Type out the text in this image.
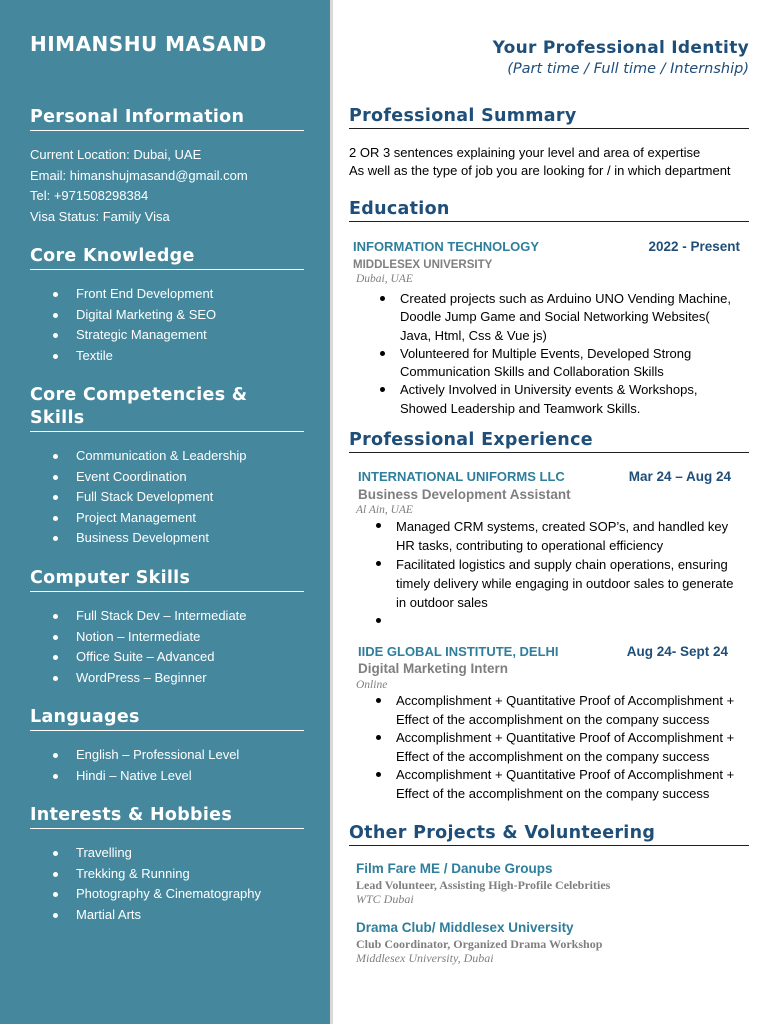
HIMANSHU MASAND
Personal Information
Current Location: Dubai, UAE
Email: himanshujmasand@gmail.com
Tel: +971508298384
Visa Status: Family Visa
Core Knowledge
Front End Development
Digital Marketing & SEO
Strategic Management
Textile
Core Competencies & Skills
Communication & Leadership
Event Coordination
Full Stack Development
Project Management
Business Development
Computer Skills
Full Stack Dev – Intermediate
Notion – Intermediate
Office Suite – Advanced
WordPress – Beginner
Languages
English – Professional Level
Hindi – Native Level
Interests & Hobbies
Travelling
Trekking & Running
Photography & Cinematography
Martial Arts
Your Professional Identity
(Part time / Full time / Internship)
Professional Summary
2 OR 3 sentences explaining your level and area of expertise
As well as the type of job you are looking for / in which department
Education
INFORMATION TECHNOLOGY	2022 - Present
MIDDLESEX UNIVERSITY
Dubai, UAE
Created projects such as Arduino UNO Vending Machine, Doodle Jump Game and Social Networking Websites( Java, Html, Css & Vue js)
Volunteered for Multiple Events, Developed Strong Communication Skills and Collaboration Skills
Actively Involved in University events & Workshops, Showed Leadership and Teamwork Skills.
Professional Experience
INTERNATIONAL UNIFORMS LLC	Mar 24 – Aug 24
Business Development Assistant
Al Ain, UAE
Managed CRM systems, created SOP’s, and handled key HR tasks, contributing to operational efficiency
Facilitated logistics and supply chain operations, ensuring timely delivery while engaging in outdoor sales to generate in outdoor sales
IIDE GLOBAL INSTITUTE, DELHI	Aug 24- Sept 24
Digital Marketing Intern
Online
Accomplishment + Quantitative Proof of Accomplishment + Effect of the accomplishment on the company success
Accomplishment + Quantitative Proof of Accomplishment + Effect of the accomplishment on the company success
Accomplishment + Quantitative Proof of Accomplishment + Effect of the accomplishment on the company success
Other Projects & Volunteering
Film Fare ME / Danube Groups
Lead Volunteer, Assisting High-Profile Celebrities
WTC Dubai
Drama Club/ Middlesex University
Club Coordinator, Organized Drama Workshop
Middlesex University, Dubai
